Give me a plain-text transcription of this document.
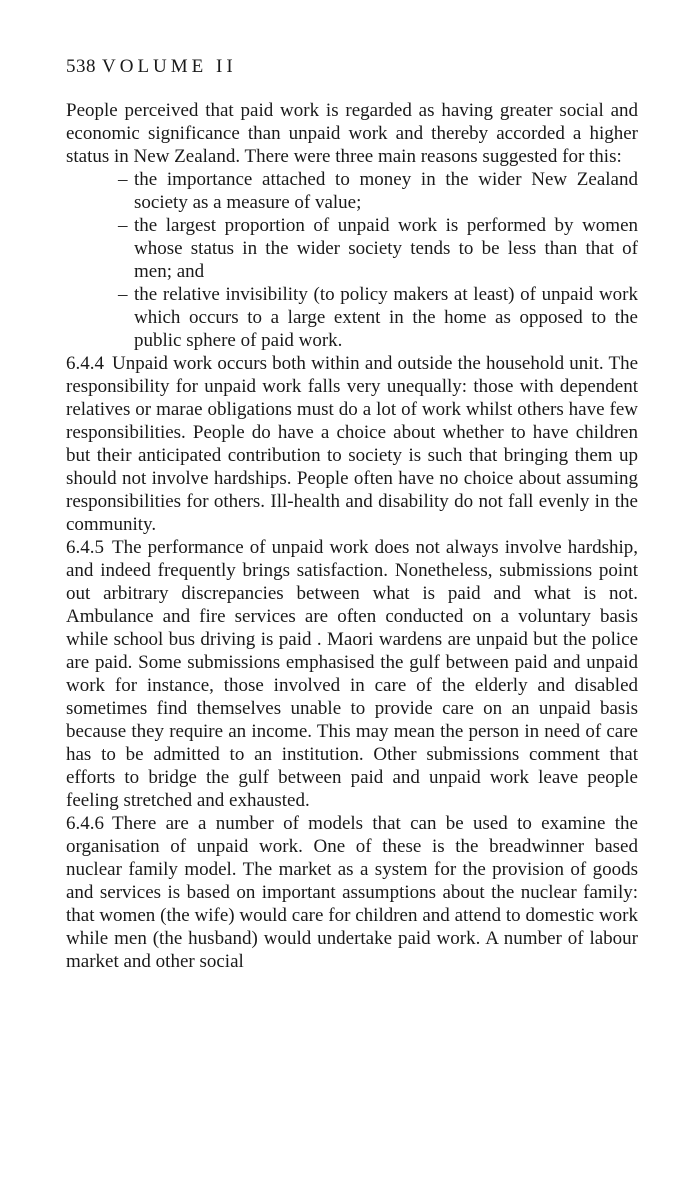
538 VOLUME II

People perceived that paid work is regarded as having greater social and economic significance than unpaid work and thereby accorded a higher status in New Zealand. There were three main reasons suggested for this:

– the importance attached to money in the wider New Zealand society as a measure of value;
– the largest proportion of unpaid work is performed by women whose status in the wider society tends to be less than that of men; and
– the relative invisibility (to policy makers at least) of unpaid work which occurs to a large extent in the home as opposed to the public sphere of paid work.

6.4.4 Unpaid work occurs both within and outside the household unit. The responsibility for unpaid work falls very unequally: those with dependent relatives or marae obligations must do a lot of work whilst others have few responsibilities. People do have a choice about whether to have children but their anticipated contribution to society is such that bringing them up should not involve hardships. People often have no choice about assuming responsibilities for others. Ill-health and disability do not fall evenly in the community.

6.4.5 The performance of unpaid work does not always involve hardship, and indeed frequently brings satisfaction. Nonetheless, submissions point out arbitrary discrepancies between what is paid and what is not. Ambulance and fire services are often conducted on a voluntary basis while school bus driving is paid . Maori wardens are unpaid but the police are paid. Some submissions emphasised the gulf between paid and unpaid work for instance, those involved in care of the elderly and disabled sometimes find themselves unable to provide care on an unpaid basis because they require an income. This may mean the person in need of care has to be admitted to an institution. Other submissions comment that efforts to bridge the gulf between paid and unpaid work leave people feeling stretched and exhausted.

6.4.6 There are a number of models that can be used to examine the organisation of unpaid work. One of these is the breadwinner based nuclear family model. The market as a system for the provision of goods and services is based on important assumptions about the nuclear family: that women (the wife) would care for children and attend to domestic work while men (the husband) would undertake paid work. A number of labour market and other social
